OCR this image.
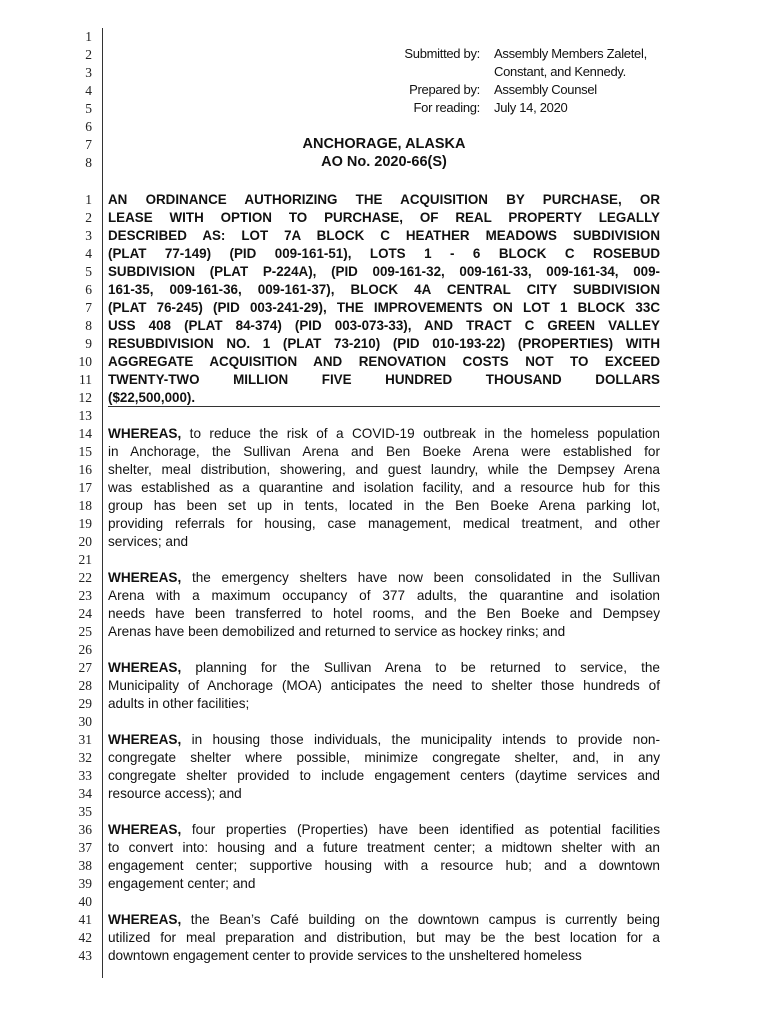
1
2
3
4
5
6
7
8
Submitted by: Assembly Members Zaletel,
Constant, and Kennedy.
Prepared by: Assembly Counsel
For reading: July 14, 2020
ANCHORAGE, ALASKA
AO No. 2020-66(S)
1 AN ORDINANCE AUTHORIZING THE ACQUISITION BY PURCHASE, OR
2 LEASE WITH OPTION TO PURCHASE, OF REAL PROPERTY LEGALLY
3 DESCRIBED AS: LOT 7A BLOCK C HEATHER MEADOWS SUBDIVISION
4 (PLAT 77-149) (PID 009-161-51), LOTS 1 - 6 BLOCK C ROSEBUD
5 SUBDIVISION (PLAT P-224A), (PID 009-161-32, 009-161-33, 009-161-34, 009-
6 161-35, 009-161-36, 009-161-37), BLOCK 4A CENTRAL CITY SUBDIVISION
7 (PLAT 76-245) (PID 003-241-29), THE IMPROVEMENTS ON LOT 1 BLOCK 33C
8 USS 408 (PLAT 84-374) (PID 003-073-33), AND TRACT C GREEN VALLEY
9 RESUBDIVISION NO. 1 (PLAT 73-210) (PID 010-193-22) (PROPERTIES) WITH
10 AGGREGATE ACQUISITION AND RENOVATION COSTS NOT TO EXCEED
11 TWENTY-TWO MILLION FIVE HUNDRED THOUSAND DOLLARS
12 ($22,500,000).
13
14 WHEREAS, to reduce the risk of a COVID-19 outbreak in the homeless population
15 in Anchorage, the Sullivan Arena and Ben Boeke Arena were established for
16 shelter, meal distribution, showering, and guest laundry, while the Dempsey Arena
17 was established as a quarantine and isolation facility, and a resource hub for this
18 group has been set up in tents, located in the Ben Boeke Arena parking lot,
19 providing referrals for housing, case management, medical treatment, and other
20 services; and
21
22 WHEREAS, the emergency shelters have now been consolidated in the Sullivan
23 Arena with a maximum occupancy of 377 adults, the quarantine and isolation
24 needs have been transferred to hotel rooms, and the Ben Boeke and Dempsey
25 Arenas have been demobilized and returned to service as hockey rinks; and
26
27 WHEREAS, planning for the Sullivan Arena to be returned to service, the
28 Municipality of Anchorage (MOA) anticipates the need to shelter those hundreds of
29 adults in other facilities;
30
31 WHEREAS, in housing those individuals, the municipality intends to provide non-
32 congregate shelter where possible, minimize congregate shelter, and, in any
33 congregate shelter provided to include engagement centers (daytime services and
34 resource access); and
35
36 WHEREAS, four properties (Properties) have been identified as potential facilities
37 to convert into: housing and a future treatment center; a midtown shelter with an
38 engagement center; supportive housing with a resource hub; and a downtown
39 engagement center; and
40
41 WHEREAS, the Bean’s Café building on the downtown campus is currently being
42 utilized for meal preparation and distribution, but may be the best location for a
43 downtown engagement center to provide services to the unsheltered homeless
